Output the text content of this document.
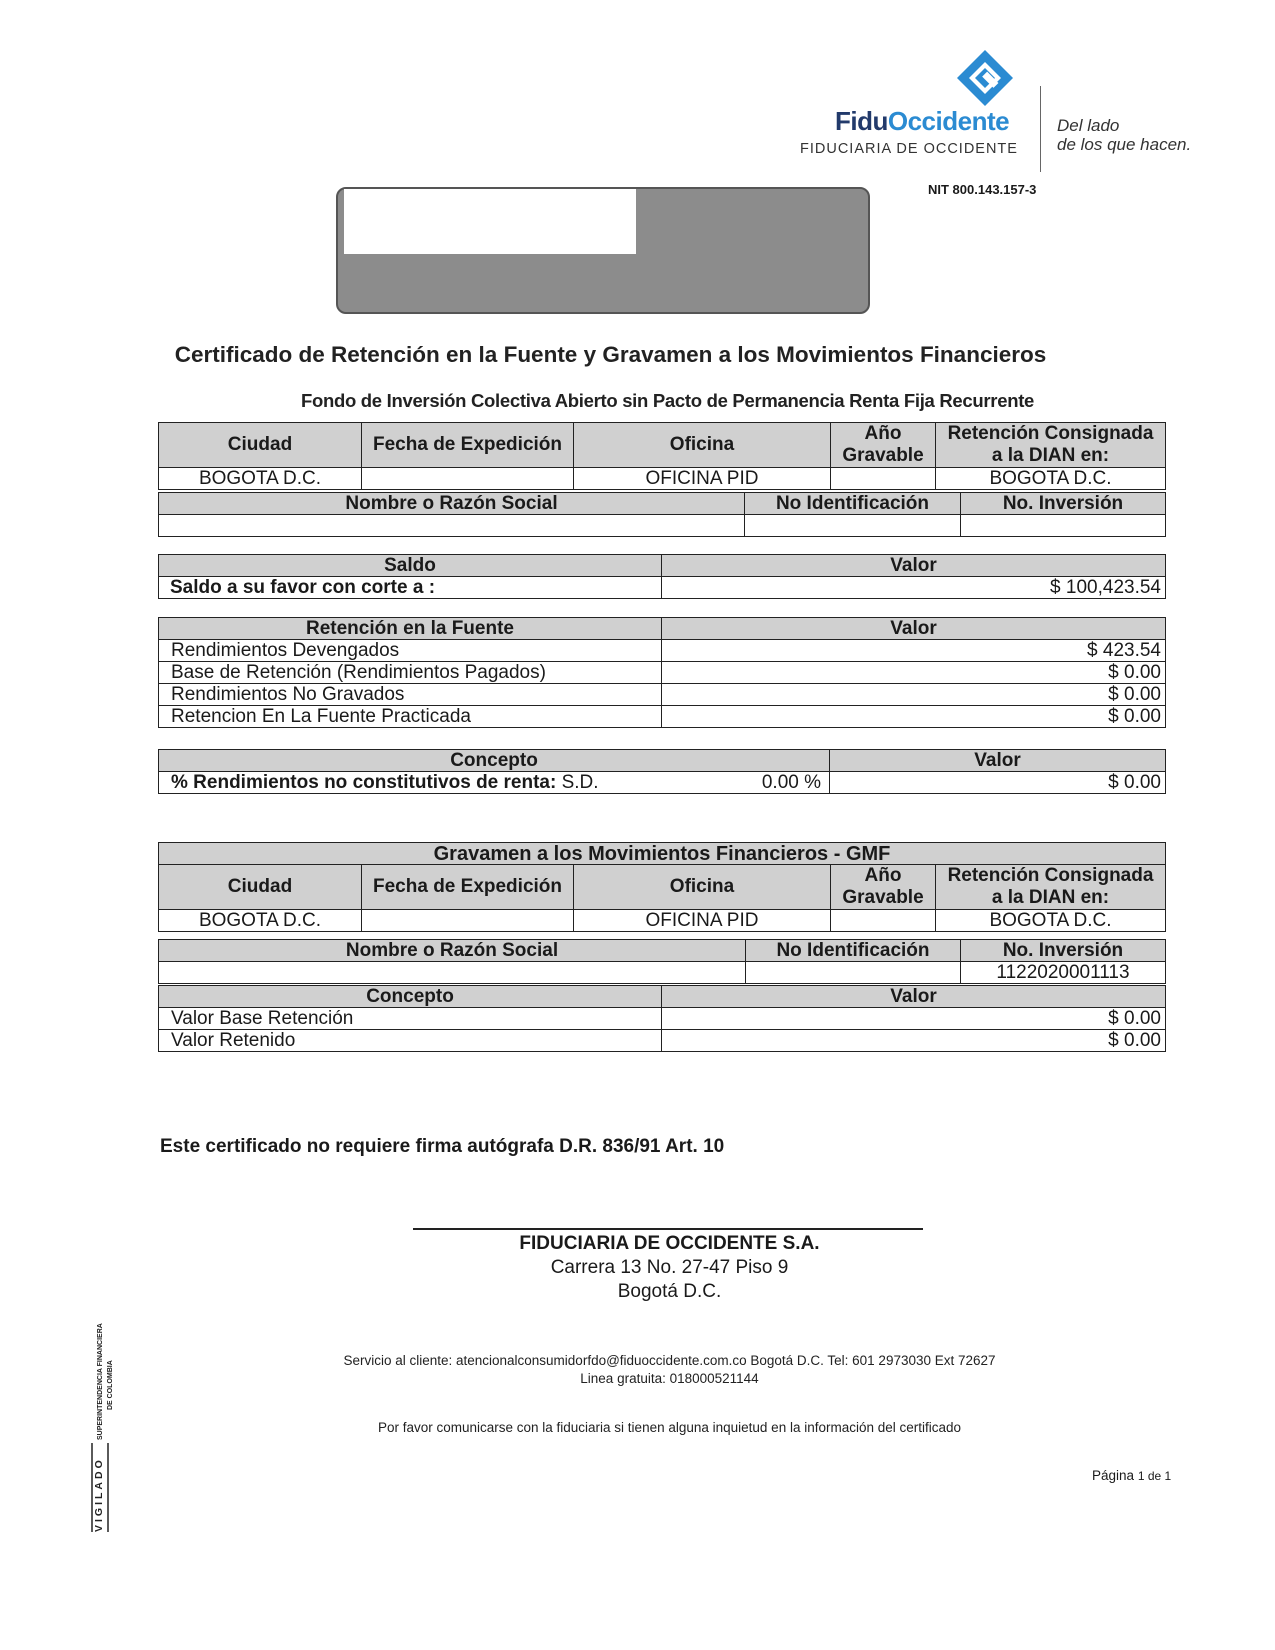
FiduOccidente
FIDUCIARIA DE OCCIDENTE
Del lado
de los que hacen.
NIT 800.143.157-3
Certificado de Retención en la Fuente y Gravamen a los Movimientos Financieros
Fondo de Inversión Colectiva Abierto sin Pacto de Permanencia Renta Fija Recurrente
Ciudad	Fecha de Expedición	Oficina	Año Gravable	Retención Consignada a la DIAN en:
BOGOTA D.C.		OFICINA PID		BOGOTA D.C.
Nombre o Razón Social	No Identificación	No. Inversión

Saldo	Valor
Saldo a su favor con corte a :	$ 100,423.54
Retención en la Fuente	Valor
Rendimientos Devengados	$ 423.54
Base de Retención (Rendimientos Pagados)	$ 0.00
Rendimientos No Gravados	$ 0.00
Retencion En La Fuente Practicada	$ 0.00
Concepto	Valor
% Rendimientos no constitutivos de renta: S.D. 0.00 %	$ 0.00
Gravamen a los Movimientos Financieros - GMF				
Ciudad	Fecha de Expedición	Oficina	Año Gravable	Retención Consignada a la DIAN en:
BOGOTA D.C.		OFICINA PID		BOGOTA D.C.
Nombre o Razón Social	No Identificación	No. Inversión
		1122020001113
Concepto	Valor
Valor Base Retención	$ 0.00
Valor Retenido	$ 0.00
Este certificado no requiere firma autógrafa D.R. 836/91 Art. 10
FIDUCIARIA DE OCCIDENTE S.A.
Carrera 13 No. 27-47 Piso 9
Bogotá D.C.
Servicio al cliente: atencionalconsumidorfdo@fiduoccidente.com.co Bogotá D.C. Tel: 601 2973030 Ext 72627
Linea gratuita: 018000521144
Por favor comunicarse con la fiduciaria si tienen alguna inquietud en la información del certificado
Página 1 de 1
VIGILADO
SUPERINTENDENCIA FINANCIERA DE COLOMBIA
